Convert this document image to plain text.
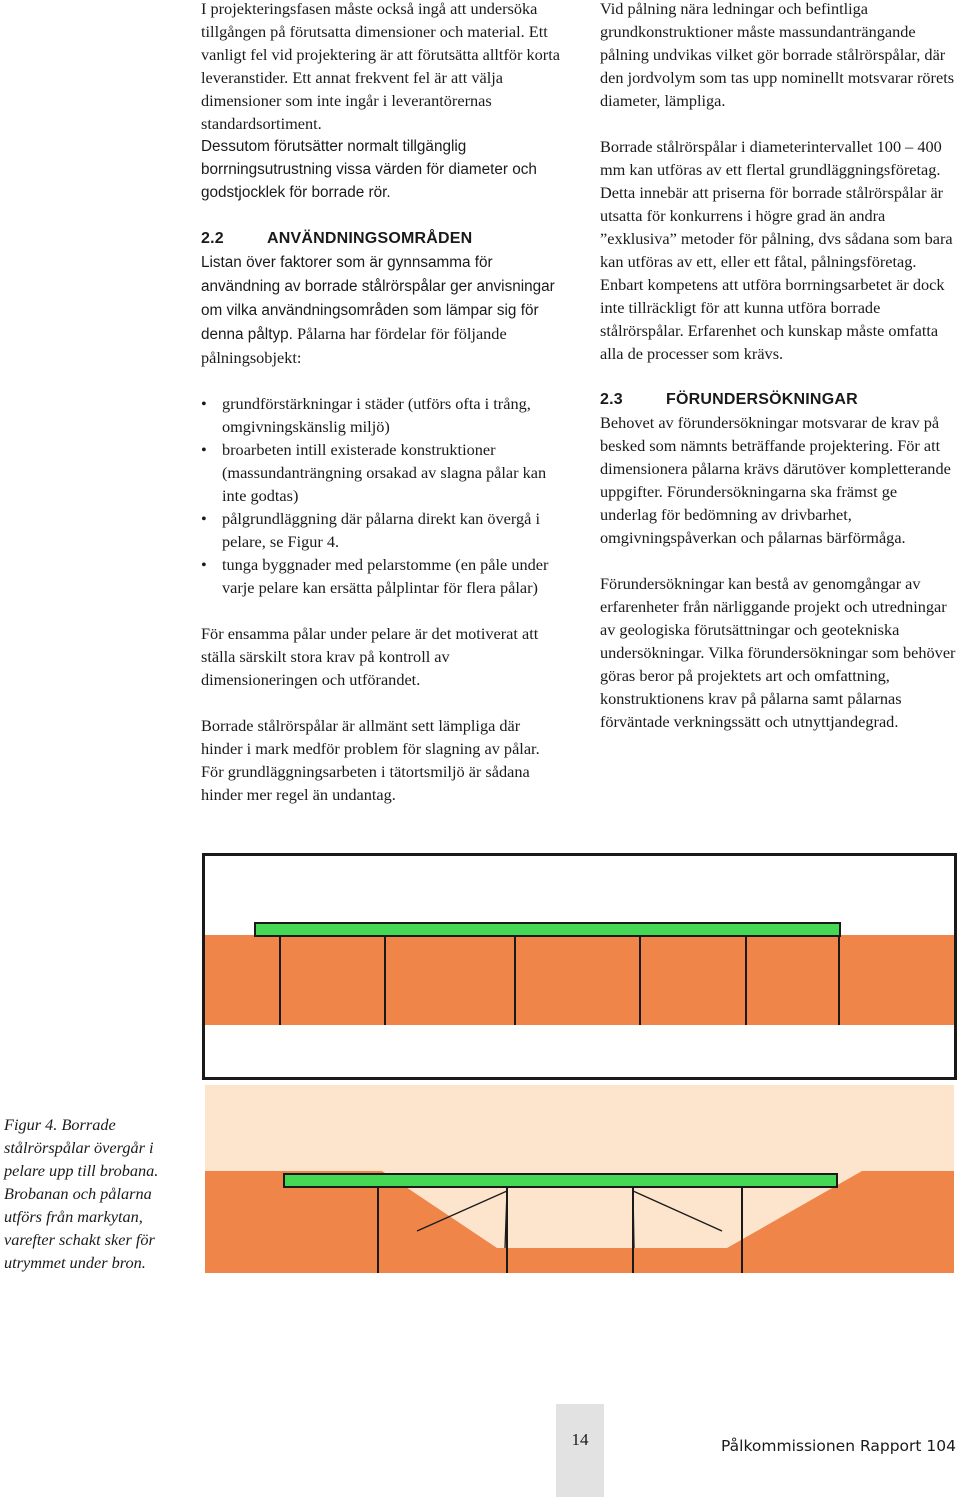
I projekteringsfasen måste också ingå att undersöka tillgången på förutsatta dimensioner och material. Ett vanligt fel vid projektering är att förutsätta alltför korta leveranstider. Ett annat frekvent fel är att välja dimensioner som inte ingår i leverantörernas standardsortiment.

Dessutom förutsätter normalt tillgänglig borrningsutrustning vissa värden för diameter och godstjocklek för borrade rör.

2.2	ANVÄNDNINGSOMRÅDEN

Listan över faktorer som är gynnsamma för användning av borrade stålrörspålar ger anvisningar om vilka användningsområden som lämpar sig för denna påltyp. Pålarna har fördelar för följande pålningsobjekt:

• grundförstärkningar i städer (utförs ofta i trång, omgivningskänslig miljö)
• broarbeten intill existerade konstruktioner (massundanträngning orsakad av slagna pålar kan inte godtas)
• pålgrundläggning där pålarna direkt kan övergå i pelare, se Figur 4.
• tunga byggnader med pelarstomme (en påle under varje pelare kan ersätta pålplintar för flera pålar)

För ensamma pålar under pelare är det motiverat att ställa särskilt stora krav på kontroll av dimensioneringen och utförandet.

Borrade stålrörspålar är allmänt sett lämpliga där hinder i mark medför problem för slagning av pålar. För grundläggningsarbeten i tätortsmiljö är sådana hinder mer regel än undantag.

Vid pålning nära ledningar och befintliga grundkonstruktioner måste massundanträngande pålning undvikas vilket gör borrade stålrörspålar, där den jordvolym som tas upp nominellt motsvarar rörets diameter, lämpliga.

Borrade stålrörspålar i diameterintervallet 100 – 400 mm kan utföras av ett flertal grundläggningsföretag. Detta innebär att priserna för borrade stålrörspålar är utsatta för konkurrens i högre grad än andra ”exklusiva” metoder för pålning, dvs sådana som bara kan utföras av ett, eller ett fåtal, pålningsföretag. Enbart kompetens att utföra borrningsarbetet är dock inte tillräckligt för att kunna utföra borrade stålrörspålar. Erfarenhet och kunskap måste omfatta alla de processer som krävs.

2.3	FÖRUNDERSÖKNINGAR

Behovet av förundersökningar motsvarar de krav på besked som nämnts beträffande projektering. För att dimensionera pålarna krävs därutöver kompletterande uppgifter. Förundersökningarna ska främst ge underlag för bedömning av drivbarhet, omgivningspåverkan och pålarnas bärförmåga.

Förundersökningar kan bestå av genomgångar av erfarenheter från närliggande projekt och utredningar av geologiska förutsättningar och geotekniska undersökningar. Vilka förundersökningar som behöver göras beror på projektets art och omfattning, konstruktionens krav på pålarna samt pålarnas förväntade verkningssätt och utnyttjandegrad.

Figur 4. Borrade stålrörspålar övergår i pelare upp till brobana. Brobanan och pålarna utförs från markytan, varefter schakt sker för utrymmet under bron.
14	Pålkommissionen Rapport 104
